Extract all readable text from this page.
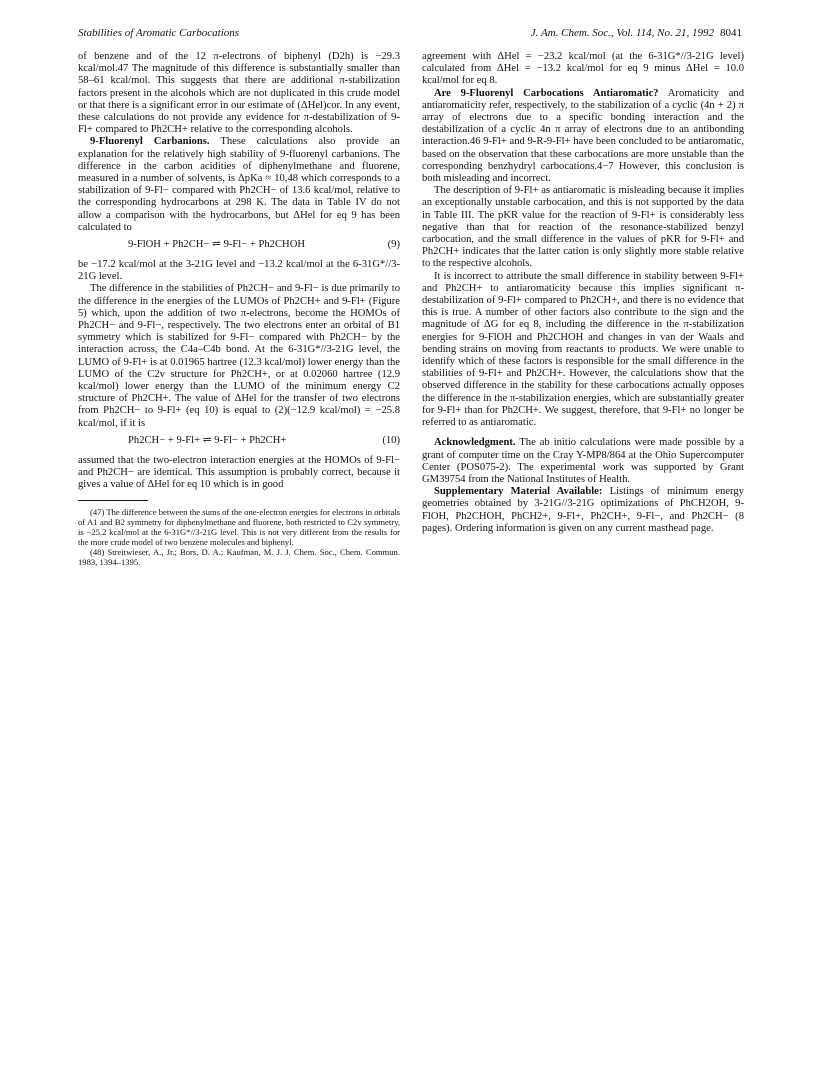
Stabilities of Aromatic Carbocations	J. Am. Chem. Soc., Vol. 114, No. 21, 1992 8041

of benzene and of the 12 π-electrons of biphenyl (D2h) is −29.3 kcal/mol.47 The magnitude of this difference is substantially smaller than 58–61 kcal/mol. This suggests that there are additional π-stabilization factors present in the alcohols which are not duplicated in this crude model or that there is a significant error in our estimate of (ΔHel)cor. In any event, these calculations do not provide any evidence for π-destabilization of 9-Fl+ compared to Ph2CH+ relative to the corresponding alcohols.

9-Fluorenyl Carbanions. These calculations also provide an explanation for the relatively high stability of 9-fluorenyl carbanions. The difference in the carbon acidities of diphenylmethane and fluorene, measured in a number of solvents, is ΔpKa ≈ 10,48 which corresponds to a stabilization of 9-Fl− compared with Ph2CH− of 13.6 kcal/mol, relative to the corresponding hydrocarbons at 298 K. The data in Table IV do not allow a comparison with the hydrocarbons, but ΔHel for eq 9 has been calculated to

9-FlOH + Ph2CH− ⇌ 9-Fl− + Ph2CHOH	(9)

be −17.2 kcal/mol at the 3-21G level and −13.2 kcal/mol at the 6-31G*//3-21G level.

The difference in the stabilities of Ph2CH− and 9-Fl− is due primarily to the difference in the energies of the LUMOs of Ph2CH+ and 9-Fl+ (Figure 5) which, upon the addition of two π-electrons, become the HOMOs of Ph2CH− and 9-Fl−, respectively. The two electrons enter an orbital of B1 symmetry which is stabilized for 9-Fl− compared with Ph2CH− by the interaction across, the C4a–C4b bond. At the 6-31G*//3-21G level, the LUMO of 9-Fl+ is at 0.01965 hartree (12.3 kcal/mol) lower energy than the LUMO of the C2v structure for Ph2CH+, or at 0.02060 hartree (12.9 kcal/mol) lower energy than the LUMO of the minimum energy C2 structure of Ph2CH+. The value of ΔHel for the transfer of two electrons from Ph2CH− to 9-Fl+ (eq 10) is equal to (2)(−12.9 kcal/mol) = −25.8 kcal/mol, if it is

Ph2CH− + 9-Fl+ ⇌ 9-Fl− + Ph2CH+	(10)

assumed that the two-electron interaction energies at the HOMOs of 9-Fl− and Ph2CH− are identical. This assumption is probably correct, because it gives a value of ΔHel for eq 10 which is in good

(47) The difference between the sums of the one-electron energies for electrons in orbitals of A1 and B2 symmetry for diphenylmethane and fluorene, both restricted to C2v symmetry, is −25.2 kcal/mol at the 6-31G*//3-21G level. This is not very different from the results for the more crude model of two benzene molecules and biphenyl.

(48) Streitwieser, A., Jr.; Bors, D. A.; Kaufman, M. J. J. Chem. Soc., Chem. Commun. 1983, 1394–1395.

agreement with ΔHel = −23.2 kcal/mol (at the 6-31G*//3-21G level) calculated from ΔHel = −13.2 kcal/mol for eq 9 minus ΔHel = 10.0 kcal/mol for eq 8.

Are 9-Fluorenyl Carbocations Antiaromatic? Aromaticity and antiaromaticity refer, respectively, to the stabilization of a cyclic (4n + 2) π array of electrons due to a specific bonding interaction and the destabilization of a cyclic 4n π array of electrons due to an antibonding interaction.46 9-Fl+ and 9-R-9-Fl+ have been concluded to be antiaromatic, based on the observation that these carbocations are more unstable than the corresponding benzhydryl carbocations.4−7 However, this conclusion is both misleading and incorrect.

The description of 9-Fl+ as antiaromatic is misleading because it implies an exceptionally unstable carbocation, and this is not supported by the data in Table III. The pKR value for the reaction of 9-Fl+ is considerably less negative than that for reaction of the resonance-stabilized benzyl carbocation, and the small difference in the values of pKR for 9-Fl+ and Ph2CH+ indicates that the latter cation is only slightly more stable relative to the respective alcohols.

It is incorrect to attribute the small difference in stability between 9-Fl+ and Ph2CH+ to antiaromaticity because this implies significant π-destabilization of 9-Fl+ compared to Ph2CH+, and there is no evidence that this is true. A number of other factors also contribute to the sign and the magnitude of ΔG for eq 8, including the difference in the π-stabilization energies for 9-FlOH and Ph2CHOH and changes in van der Waals and bending strains on moving from reactants to products. We were unable to identify which of these factors is responsible for the small difference in the stabilities of 9-Fl+ and Ph2CH+. However, the calculations show that the observed difference in the stability for these carbocations actually opposes the difference in the π-stabilization energies, which are substantially greater for 9-Fl+ than for Ph2CH+. We suggest, therefore, that 9-Fl+ no longer be referred to as antiaromatic.

Acknowledgment. The ab initio calculations were made possible by a grant of computer time on the Cray Y-MP8/864 at the Ohio Supercomputer Center (POS075-2). The experimental work was supported by Grant GM39754 from the National Institutes of Health.

Supplementary Material Available: Listings of minimum energy geometries obtained by 3-21G//3-21G optimizations of PhCH2OH, 9-FlOH, Ph2CHOH, PhCH2+, 9-Fl+, Ph2CH+, 9-Fl−, and Ph2CH− (8 pages). Ordering information is given on any current masthead page.
